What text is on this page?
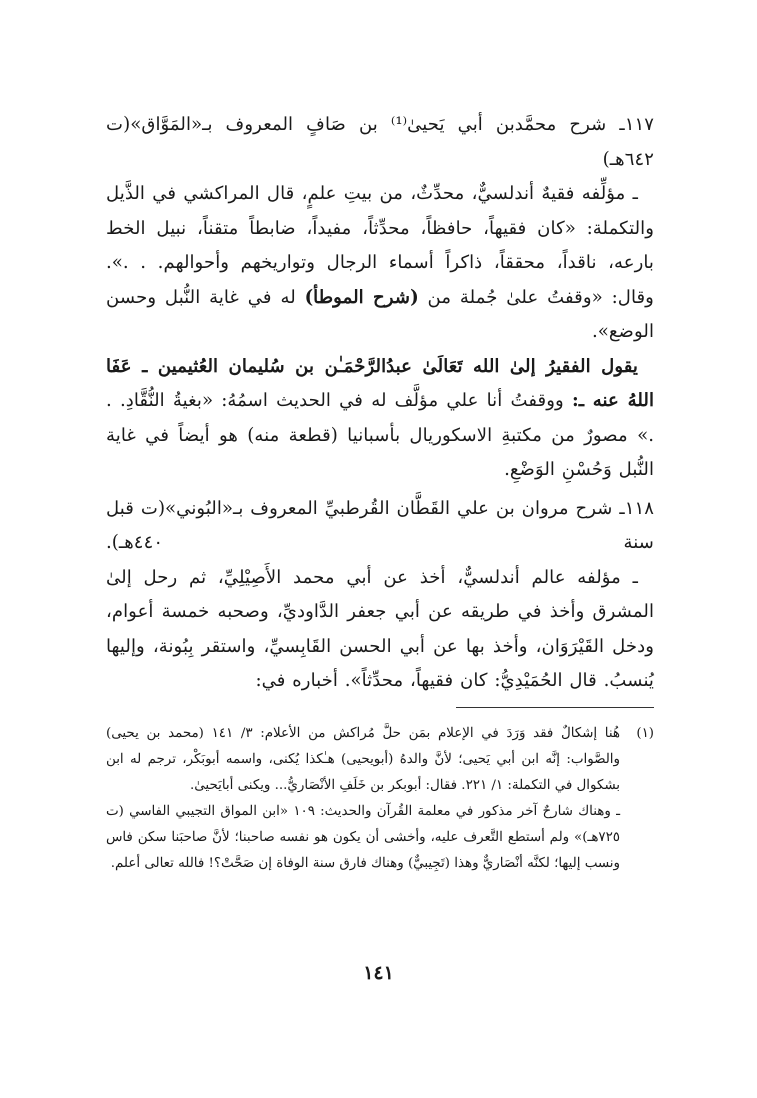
١١٧ـ شرح محمَّدبن أبي يَحيىٰ⁽¹⁾ بن صَافٍ المعروف بـ«المَوَّاق»(ت ٦٤٢هـ)

ـ مؤلِّفه فقيهٌ أندلسيٌّ، محدِّثٌ، من بيتِ علمٍ، قال المراكشي في الذَّيل والتكملة: «كان فقيهاً، حافظاً، محدِّثاً، مفيداً، ضابطاً متقناً، نبيل الخط بارعه، ناقداً، محققاً، ذاكراً أسماء الرجال وتواريخهم وأحوالهم. . .». وقال: «وقفتُ علىٰ جُملة من (شرح الموطأ) له في غاية النُّبل وحسن الوضع».

يقول الفقيرُ إلىٰ الله تَعَالَىٰ عبدُالرَّحْمَـٰن بن سُليمان العُثيمين ـ عَفَا اللهُ عنه ـ: ووقفتُ أنا علي مؤلَّف له في الحديث اسمُهُ: «بغيةُ النُّقَّادِ. . .» مصورٌ من مكتبةِ الاسكوريال بأسبانيا (قطعة منه) هو أيضاً في غاية النُّبل وَحُسْنِ الوَضْعِ.

١١٨ـ شرح مروان بن علي القَطَّان القُرطبيِّ المعروف بـ«البُوني»(ت قبل سنة ٤٤٠هـ).

ـ مؤلفه عالم أندلسيٌّ، أخذ عن أبي محمد الأَصِيْلِيِّ، ثم رحل إلىٰ المشرق وأخذ في طريقه عن أبي جعفر الدَّاوديِّ، وصحبه خمسة أعوام، ودخل القَيْرَوَان، وأخذ بها عن أبي الحسن القَابِسيِّ، واستقر بِبُونة، وإليها يُنسبُ. قال الحُمَيْدِيُّ: كان فقيهاً، محدِّثاً». أخباره في:

(١)

هُنا إشكالٌ فقد وَرَدَ في الإعلام بمَن حلَّ مُراكش من الأعلام: ٣/ ١٤١ (محمد بن يحيى) والصَّواب: إنَّه ابن أبي يَحيى؛ لأنَّ والدهُ (أبويحيى) هـٰكذا يُكنى، واسمه أبوبَكْر، ترجم له ابن بشكوال في التكملة: ١/ ٢٢١. فقال: أبوبكر بن خَلَفِ الأنْصَاريُّ... ويكنى أبايَحيىٰ.

ـ وهناك شارحٌ آخر مذكور في معلمة القُرآن والحديث: ١٠٩ «ابن المواق التجيبي الفاسي (ت ٧٢٥هـ)» ولم أستطع التَّعرف عليه، وأخشى أن يكون هو نفسه صاحبنا؛ لأنَّ صاحبَنا سكن فاس ونسب إليها؛ لكنَّه أنْصَاريٌّ وهذا (تَجِيبيٌّ) وهناك فارق سنة الوفاة إن صَحَّتْ؟! فالله تعالى أعلم.

١٤١
